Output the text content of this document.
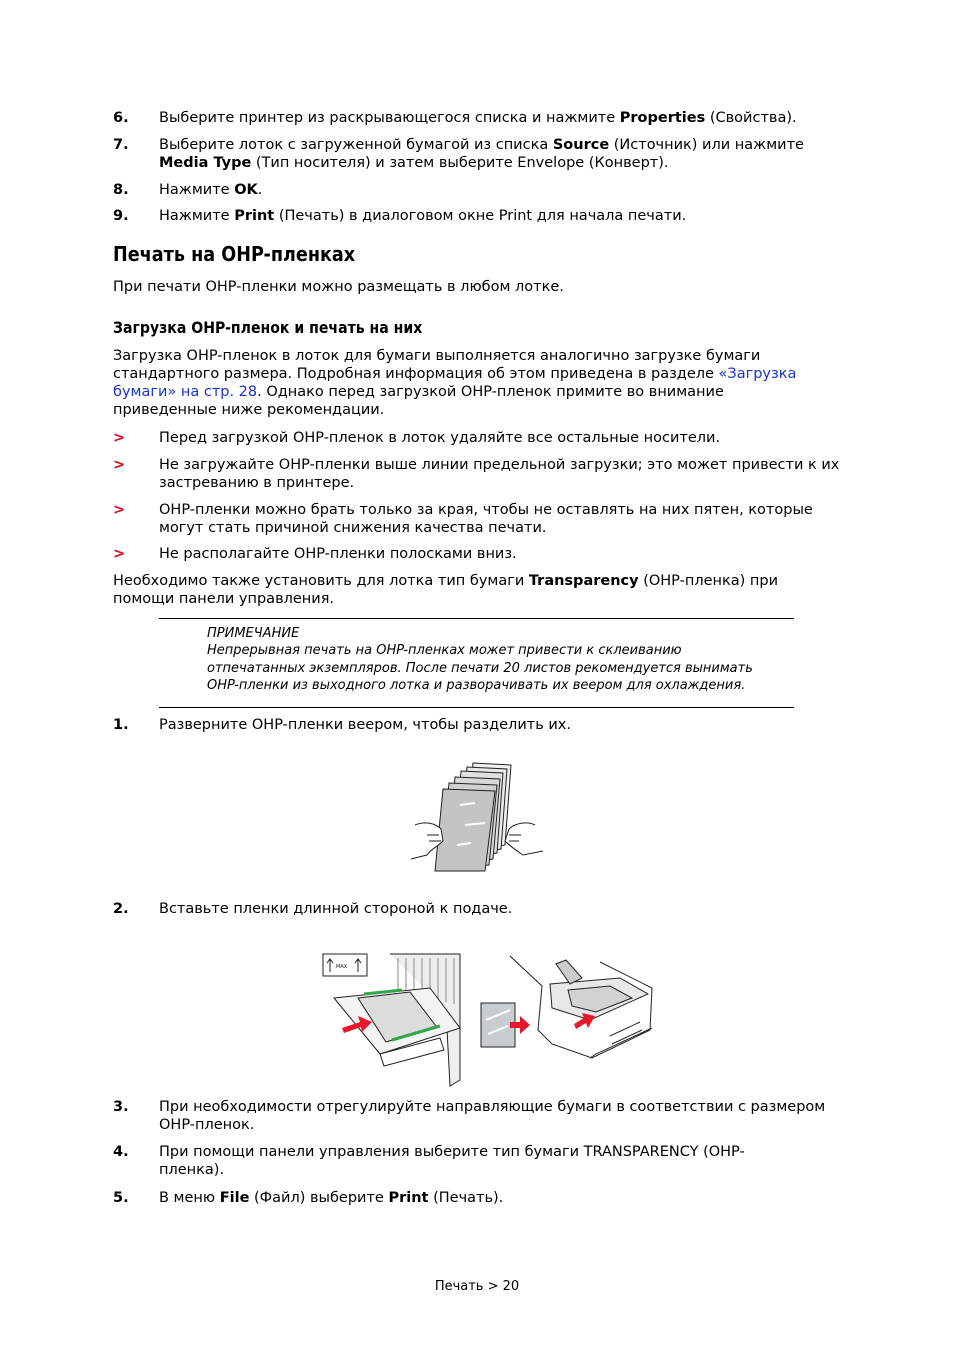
6. Выберите принтер из раскрывающегося списка и нажмите Properties (Свойства).
7. Выберите лоток с загруженной бумагой из списка Source (Источник) или нажмите Media Type (Тип носителя) и затем выберите Envelope (Конверт).
8. Нажмите OK.
9. Нажмите Print (Печать) в диалоговом окне Print для начала печати.
Печать на OHP-пленках
При печати OHP-пленки можно размещать в любом лотке.
Загрузка OHP-пленок и печать на них
Загрузка OHP-пленок в лоток для бумаги выполняется аналогично загрузке бумаги стандартного размера. Подробная информация об этом приведена в разделе «Загрузка бумаги» на стр. 28. Однако перед загрузкой OHP-пленок примите во внимание приведенные ниже рекомендации.
> Перед загрузкой OHP-пленок в лоток удаляйте все остальные носители.
> Не загружайте OHP-пленки выше линии предельной загрузки; это может привести к их застреванию в принтере.
> OHP-пленки можно брать только за края, чтобы не оставлять на них пятен, которые могут стать причиной снижения качества печати.
> Не располагайте OHP-пленки полосками вниз.
Необходимо также установить для лотка тип бумаги Transparency (OHP-пленка) при помощи панели управления.
ПРИМЕЧАНИЕ
Непрерывная печать на OHP-пленках может привести к склеиванию отпечатанных экземпляров. После печати 20 листов рекомендуется вынимать OHP-пленки из выходного лотка и разворачивать их веером для охлаждения.
1. Разверните OHP-пленки веером, чтобы разделить их.
2. Вставьте пленки длинной стороной к подаче.
MAX
3. При необходимости отрегулируйте направляющие бумаги в соответствии с размером OHP-пленок.
4. При помощи панели управления выберите тип бумаги TRANSPARENCY (OHP-пленка).
5. В меню File (Файл) выберите Print (Печать).
Печать > 20
